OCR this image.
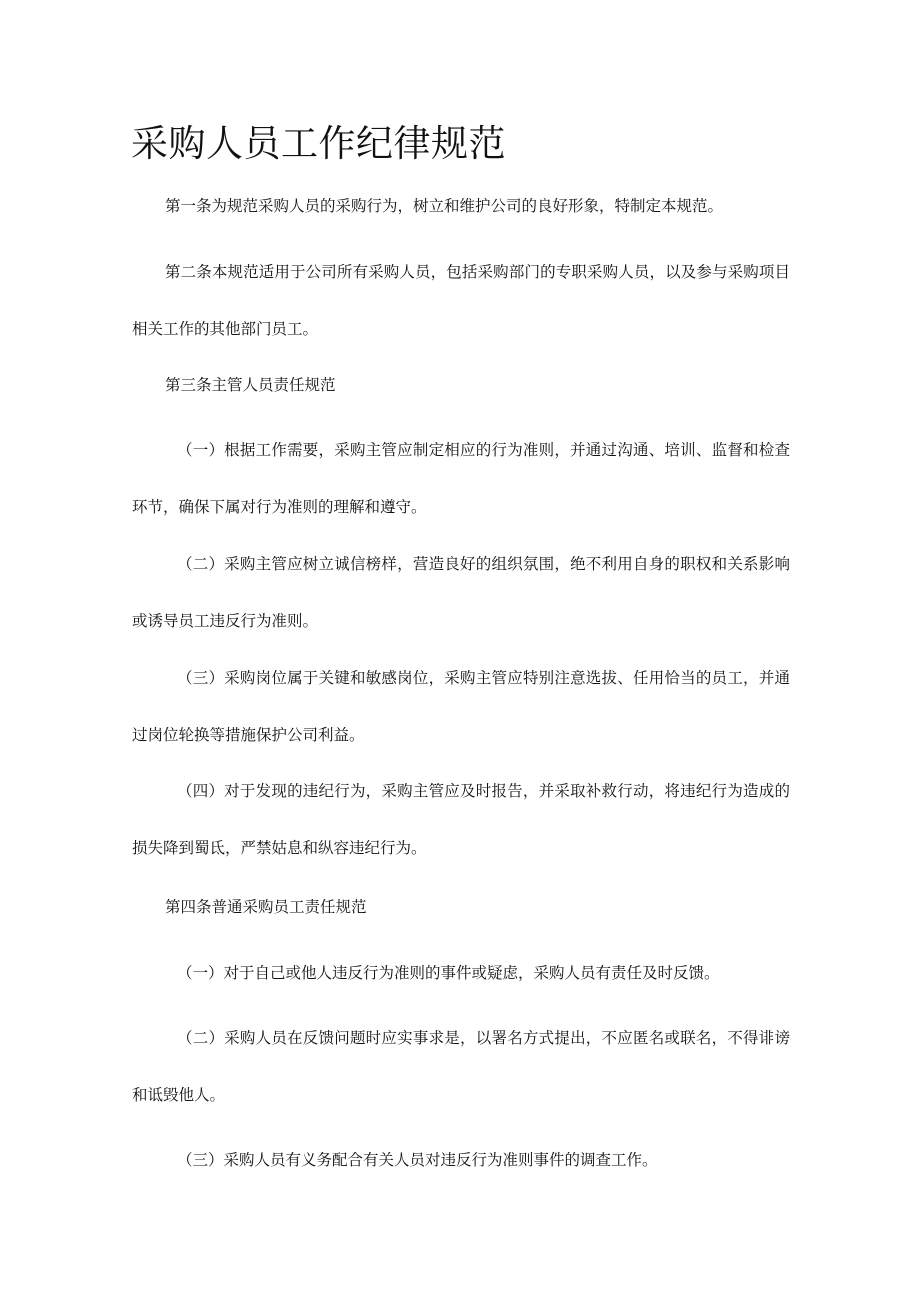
采购人员工作纪律规范

第一条为规范采购人员的采购行为，树立和维护公司的良好形象，特制定本规范。

第二条本规范适用于公司所有采购人员，包括采购部门的专职采购人员，以及参与采购项目相关工作的其他部门员工。

第三条主管人员责任规范

（一）根据工作需要，采购主管应制定相应的行为准则，并通过沟通、培训、监督和检查环节，确保下属对行为准则的理解和遵守。

（二）采购主管应树立诚信榜样，营造良好的组织氛围，绝不利用自身的职权和关系影响或诱导员工违反行为准则。

（三）采购岗位属于关键和敏感岗位，采购主管应特别注意选拔、任用恰当的员工，并通过岗位轮换等措施保护公司利益。

（四）对于发现的违纪行为，采购主管应及时报告，并采取补救行动，将违纪行为造成的损失降到蜀氐，严禁姑息和纵容违纪行为。

第四条普通采购员工责任规范

（一）对于自己或他人违反行为准则的事件或疑虑，采购人员有责任及时反馈。

（二）采购人员在反馈问题时应实事求是，以署名方式提出，不应匿名或联名，不得诽谤和诋毁他人。

（三）采购人员有义务配合有关人员对违反行为准则事件的调查工作。
